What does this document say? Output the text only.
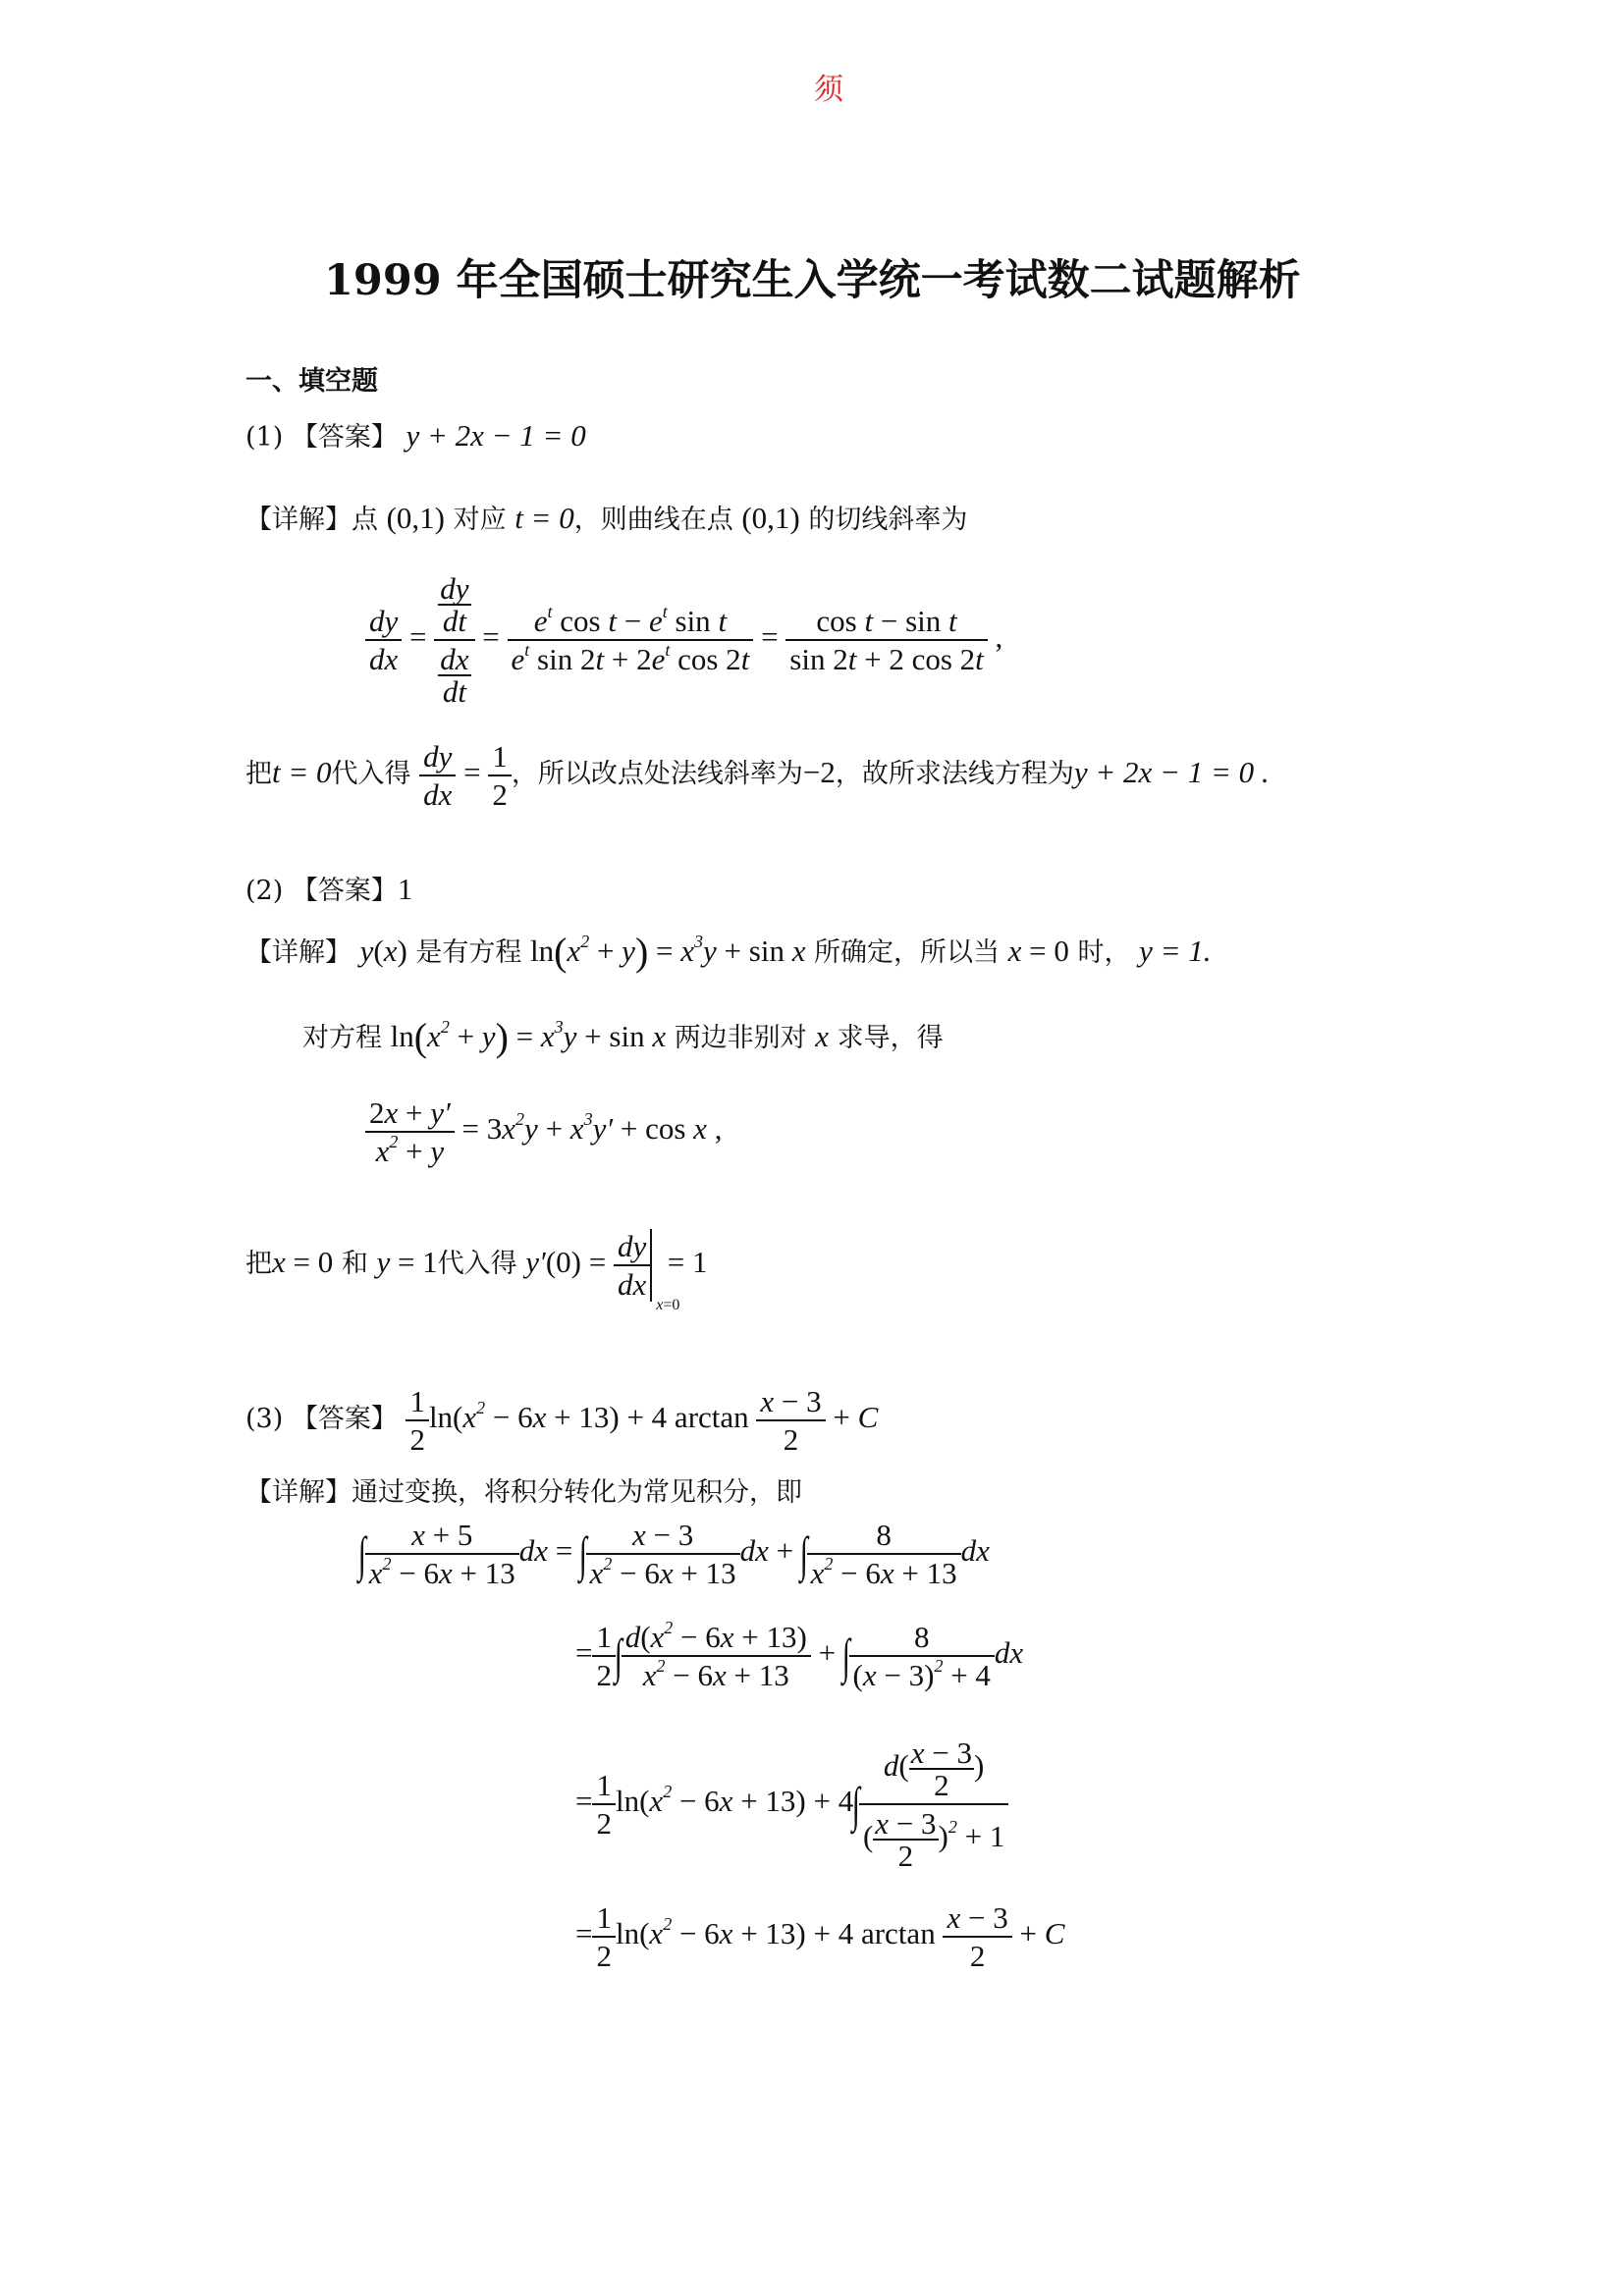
须
1999 年全国硕士研究生入学统一考试数二试题解析
一、填空题
(1) 【答案】 y + 2x − 1 = 0
【详解】点 (0,1) 对应 t = 0，则曲线在点 (0,1) 的切线斜率为
$\frac{dy}{dx} = \frac{\frac{dy}{dt}}{\frac{dx}{dt}} = \frac{e^t \cos t - e^t \sin t}{e^t \sin 2t + 2e^t \cos 2t} = \frac{\text{cos t − sin t}}{\sin 2t + 2 \cos 2t}$ ,
把t = 0代入得 $\frac{dy}{dx} = \frac{1}{2}$ ，所以改点处法线斜率为−2，故所求法线方程为y + 2x − 1 = 0 .
(2) 【答案】1
【详解】 y(x) 是有方程 $\ln(x^2 + y) = x^3y + \sin x$ 所确定，所以当 x = 0 时， y = 1.
对方程 $\ln(x^2 + y) = x^3y + \sin x$ 两边非别对 x 求导，得
$\frac{2x + y'}{x^2 + y} = 3x^2y + x^3y' + \cos x$ ,
把x = 0 和 y = 1代入得 $y'(0) = \frac{dy}{dx}$
x=0
= 1
(3) 【答案】 $\frac{1}{2} \ln(x^2 - 6x + 13) + 4$ $\arctan \frac{x - 3}{2} + C$
【详解】通过变换，将积分转化为常见积分，即
∫
$\frac{x + 5}{x^2 - 6x + 13}$ dx = ∫
$\frac{x - 3}{x^2 - 6x + 13}$ dx + ∫
$\frac{8}{x^2 - 6x + 13}$ dx
= $\frac{1}{2}$
∫
$\frac{d(x^2 - 6x + 13)}{x^2 - 6x + 13}$ + ∫
$\frac{8}{(x - 3)^2 + 4}$ dx
= $\frac{1}{2} \ln(x^2 - 6x + 13) + 4\int$
$\frac{d( \frac{x - 3}{2} )}{( \frac{x - 3}{2} )^2 + 1}$
= $\frac{1}{2} \ln(x^2 - 6x + 13) + 4$ $\arctan \frac{x - 3}{2} + C$
